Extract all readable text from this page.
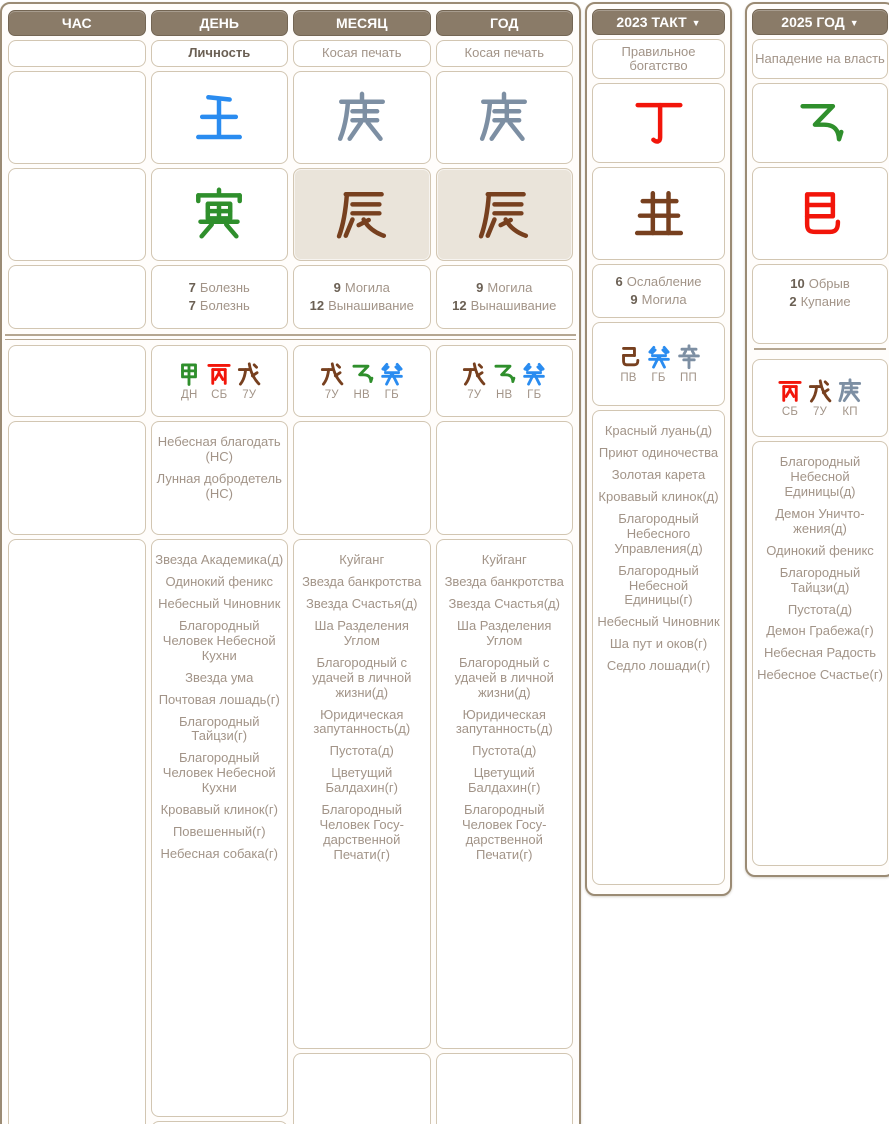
ЧАС	ДЕНЬ
Личность
7 Болезнь
7 Болезнь
ДН СБ 7У
Небесная благодать (НС)
Лунная добродетель (НС)
Звезда Академика(д)
Одинокий феникс
Небесный Чиновник
Благородный Человек Небесной Кухни
Звезда ума
Почтовая лошадь(г)
Благородный Тайцзи(г)
Благородный Человек Небесной Кухни
Кровавый клинок(г)
Повешенный(г)
Небесная собака(г)
МЕСЯЦ
Косая печать
9 Могила
12 Вынашивание
7У НВ ГБ
Куйганг
Звезда банкротства
Звезда Счастья(д)
Ша Разделения Углом
Благородный с удачей в личной жизни(д)
Юридическая запутанность(д)
Пустота(д)
Цветущий Балдахин(г)
Благородный Человек Государственной Печати(г)
ГОД
Косая печать
9 Могила
12 Вынашивание
7У НВ ГБ
Куйганг
Звезда банкротства
Звезда Счастья(д)
Ша Разделения Углом
Благородный с удачей в личной жизни(д)
Юридическая запутанность(д)
Пустота(д)
Цветущий Балдахин(г)
Благородный Человек Государственной Печати(г)
2023 ТАКТ ▼
Правильное богатство
6 Ослабление
9 Могила
ПВ ГБ ПП
Красный луань(д)
Приют одиночества
Золотая карета
Кровавый клинок(д)
Благородный Небесного Управления(д)
Благородный Небесной Единицы(г)
Небесный Чиновник
Ша пут и оков(г)
Седло лошади(г)
2025 ГОД ▼
Нападение на власть
10 Обрыв
2 Купание
СБ 7У КП
Благородный Небесной Единицы(д)
Демон Уничтожения(д)
Одинокий феникс
Благородный Тайцзи(д)
Пустота(д)
Демон Грабежа(г)
Небесная Радость
Небесное Счастье(г)
